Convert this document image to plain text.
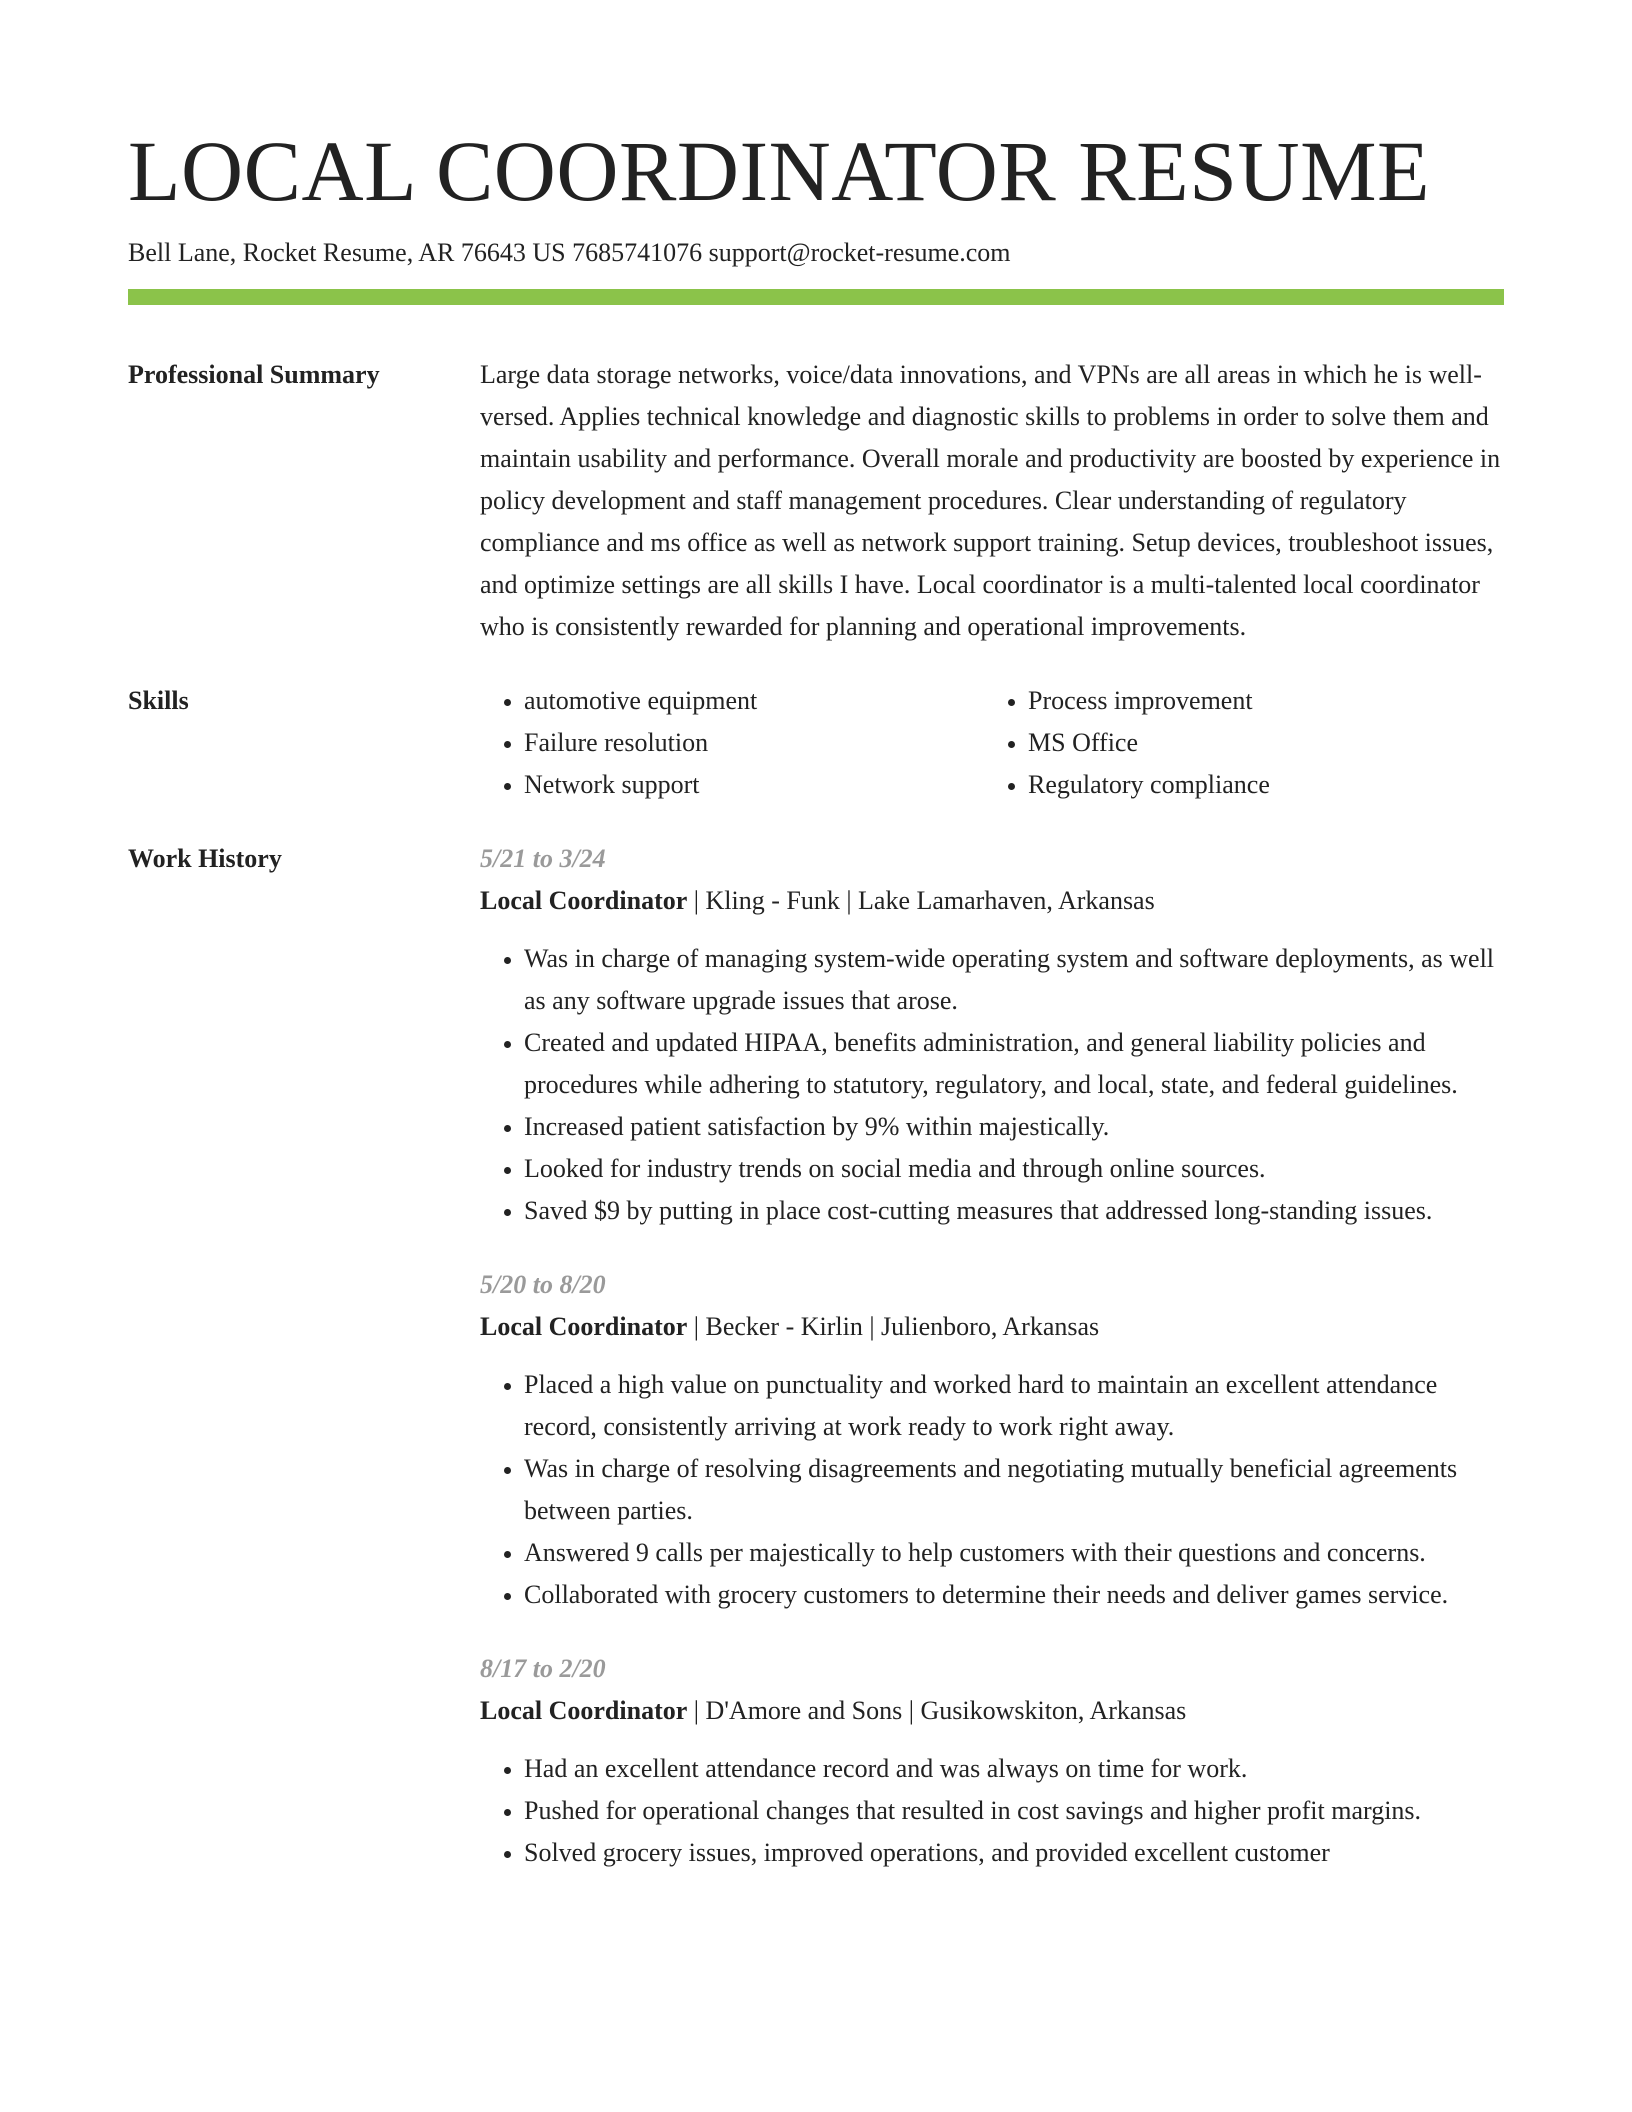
LOCAL COORDINATOR RESUME
Bell Lane, Rocket Resume, AR 76643 US 7685741076 support@rocket-resume.com
Professional Summary	Large data storage networks, voice/data innovations, and VPNs are all areas in which he is well-versed. Applies technical knowledge and diagnostic skills to problems in order to solve them and maintain usability and performance. Overall morale and productivity are boosted by experience in policy development and staff management procedures. Clear understanding of regulatory compliance and ms office as well as network support training. Setup devices, troubleshoot issues, and optimize settings are all skills I have. Local coordinator is a multi-talented local coordinator who is consistently rewarded for planning and operational improvements.

Skills
•	automotive equipment
• Failure resolution
• Network support
• Process improvement
• MS Office
• Regulatory compliance
Work History	5/21 to 3/24
Local Coordinator | Kling - Funk | Lake Lamarhaven, Arkansas
• Was in charge of managing system-wide operating system and software deployments, as well as any software upgrade issues that arose.
• Created and updated HIPAA, benefits administration, and general liability policies and procedures while adhering to statutory, regulatory, and local, state, and federal guidelines.
• Increased patient satisfaction by 9% within majestically.
• Looked for industry trends on social media and through online sources.
• Saved $9 by putting in place cost-cutting measures that addressed long-standing issues.
5/20 to 8/20
Local Coordinator | Becker - Kirlin | Julienboro, Arkansas
• Placed a high value on punctuality and worked hard to maintain an excellent attendance record, consistently arriving at work ready to work right away.
• Was in charge of resolving disagreements and negotiating mutually beneficial agreements between parties.
• Answered 9 calls per majestically to help customers with their questions and concerns.
• Collaborated with grocery customers to determine their needs and deliver games service.
8/17 to 2/20
Local Coordinator | D'Amore and Sons | Gusikowskiton, Arkansas
• Had an excellent attendance record and was always on time for work.
• Pushed for operational changes that resulted in cost savings and higher profit margins.
• Solved grocery issues, improved operations, and provided excellent customer
